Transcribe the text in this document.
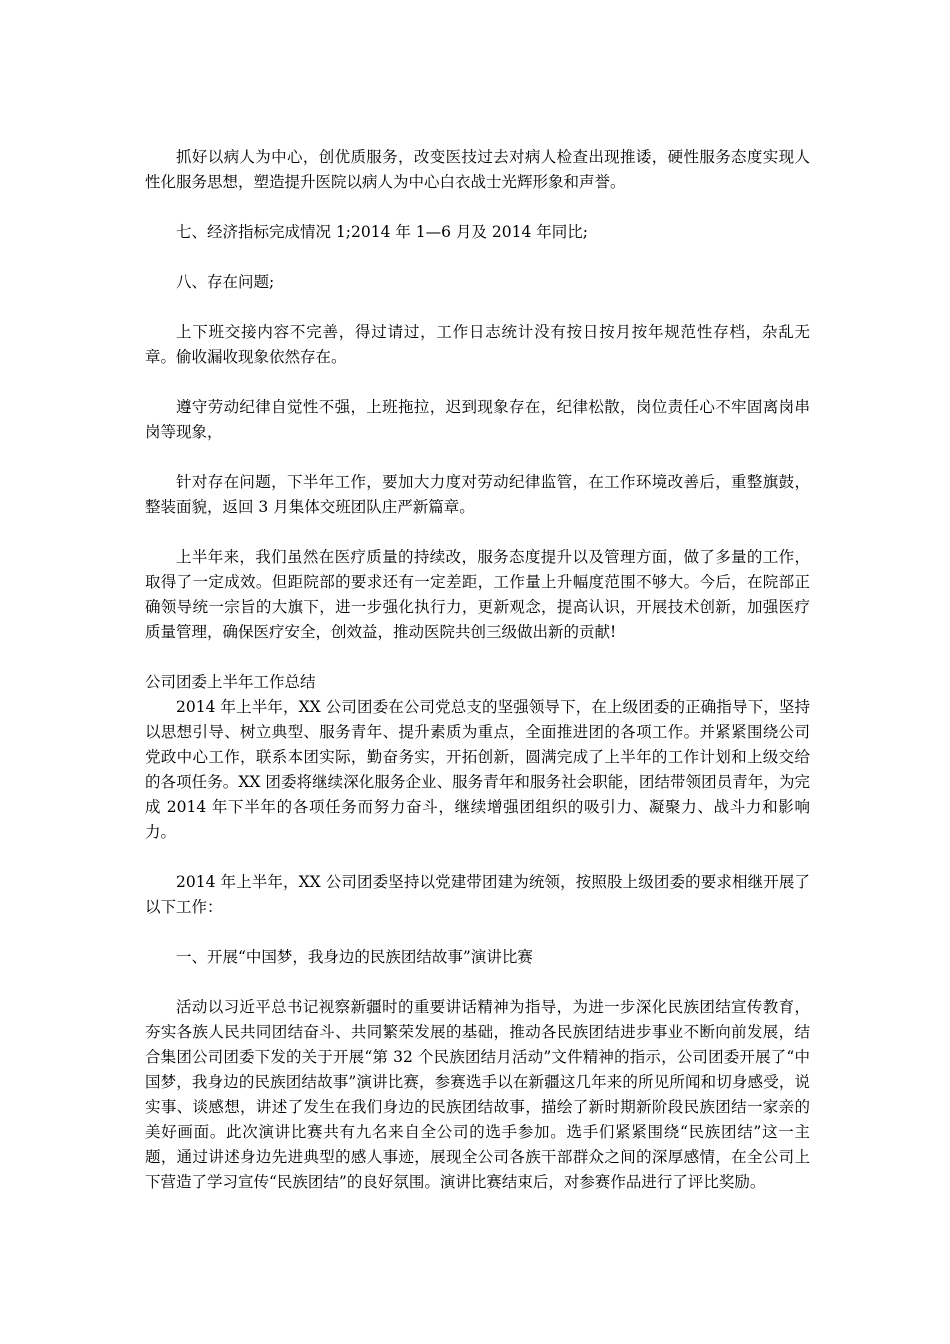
抓好以病人为中心，创优质服务，改变医技过去对病人检查出现推诿，硬性服务态度实现人性化服务思想，塑造提升医院以病人为中心白衣战士光辉形象和声誉。

七、经济指标完成情况 1;2014 年 1—6 月及 2014 年同比;

八、存在问题;

上下班交接内容不完善，得过请过，工作日志统计没有按日按月按年规范性存档，杂乱无章。偷收漏收现象依然存在。

遵守劳动纪律自觉性不强，上班拖拉，迟到现象存在，纪律松散，岗位责任心不牢固离岗串岗等现象，

针对存在问题，下半年工作，要加大力度对劳动纪律监管，在工作环境改善后，重整旗鼓，整装面貌，返回 3 月集体交班团队庄严新篇章。

上半年来，我们虽然在医疗质量的持续改，服务态度提升以及管理方面，做了多量的工作，取得了一定成效。但距院部的要求还有一定差距，工作量上升幅度范围不够大。今后，在院部正确领导统一宗旨的大旗下，进一步强化执行力，更新观念，提高认识，开展技术创新，加强医疗质量管理，确保医疗安全，创效益，推动医院共创三级做出新的贡献!

公司团委上半年工作总结

2014 年上半年，XX 公司团委在公司党总支的坚强领导下，在上级团委的正确指导下，坚持以思想引导、树立典型、服务青年、提升素质为重点，全面推进团的各项工作。并紧紧围绕公司党政中心工作，联系本团实际，勤奋务实，开拓创新，圆满完成了上半年的工作计划和上级交给的各项任务。XX 团委将继续深化服务企业、服务青年和服务社会职能，团结带领团员青年，为完成 2014 年下半年的各项任务而努力奋斗，继续增强团组织的吸引力、凝聚力、战斗力和影响力。

2014 年上半年，XX 公司团委坚持以党建带团建为统领，按照股上级团委的要求相继开展了以下工作：

一、开展“中国梦，我身边的民族团结故事”演讲比赛

活动以习近平总书记视察新疆时的重要讲话精神为指导，为进一步深化民族团结宣传教育，夯实各族人民共同团结奋斗、共同繁荣发展的基础，推动各民族团结进步事业不断向前发展，结合集团公司团委下发的关于开展“第 32 个民族团结月活动”文件精神的指示，公司团委开展了“中国梦，我身边的民族团结故事”演讲比赛，参赛选手以在新疆这几年来的所见所闻和切身感受，说实事、谈感想，讲述了发生在我们身边的民族团结故事，描绘了新时期新阶段民族团结一家亲的美好画面。此次演讲比赛共有九名来自全公司的选手参加。选手们紧紧围绕“民族团结”这一主题，通过讲述身边先进典型的感人事迹，展现全公司各族干部群众之间的深厚感情，在全公司上下营造了学习宣传“民族团结”的良好氛围。演讲比赛结束后，对参赛作品进行了评比奖励。
